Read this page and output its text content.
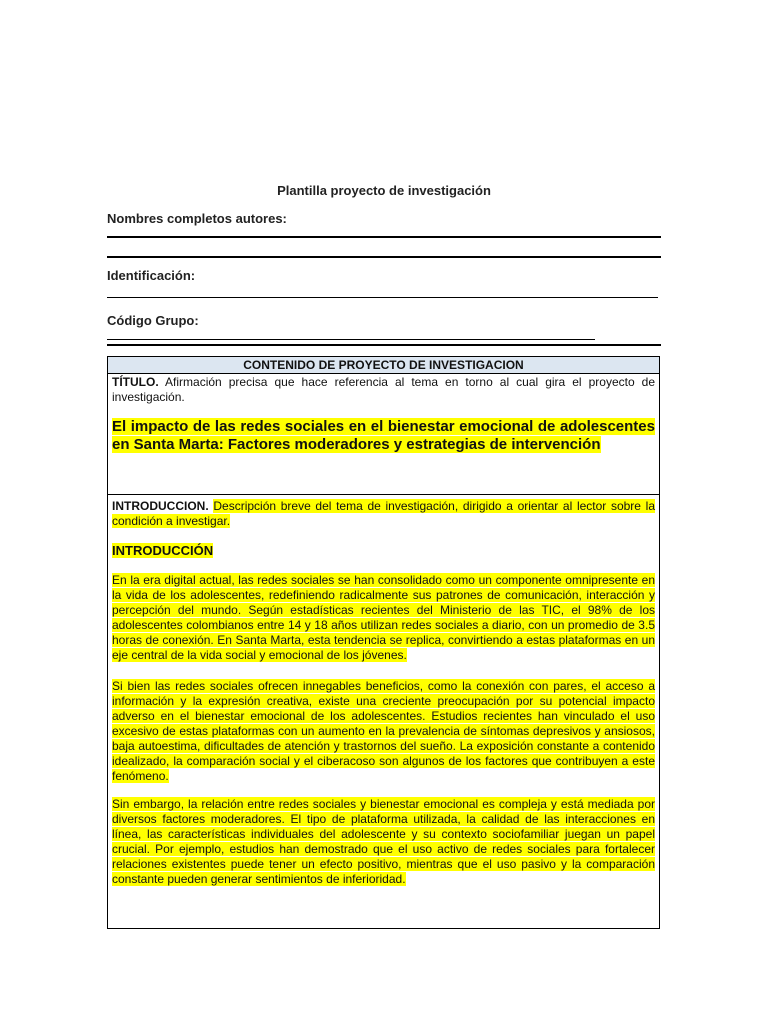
Plantilla proyecto de investigación
Nombres completos autores:
Identificación:
Código Grupo:
CONTENIDO DE PROYECTO DE INVESTIGACION
TÍTULO. Afirmación precisa que hace referencia al tema en torno al cual gira el proyecto de investigación.
El impacto de las redes sociales en el bienestar emocional de adolescentes en Santa Marta: Factores moderadores y estrategias de intervención
INTRODUCCION. Descripción breve del tema de investigación, dirigido a orientar al lector sobre la condición a investigar.
INTRODUCCIÓN
En la era digital actual, las redes sociales se han consolidado como un componente omnipresente en la vida de los adolescentes, redefiniendo radicalmente sus patrones de comunicación, interacción y percepción del mundo. Según estadísticas recientes del Ministerio de las TIC, el 98% de los adolescentes colombianos entre 14 y 18 años utilizan redes sociales a diario, con un promedio de 3.5 horas de conexión. En Santa Marta, esta tendencia se replica, convirtiendo a estas plataformas en un eje central de la vida social y emocional de los jóvenes.
Si bien las redes sociales ofrecen innegables beneficios, como la conexión con pares, el acceso a información y la expresión creativa, existe una creciente preocupación por su potencial impacto adverso en el bienestar emocional de los adolescentes. Estudios recientes han vinculado el uso excesivo de estas plataformas con un aumento en la prevalencia de síntomas depresivos y ansiosos, baja autoestima, dificultades de atención y trastornos del sueño. La exposición constante a contenido idealizado, la comparación social y el ciberacoso son algunos de los factores que contribuyen a este fenómeno.
Sin embargo, la relación entre redes sociales y bienestar emocional es compleja y está mediada por diversos factores moderadores. El tipo de plataforma utilizada, la calidad de las interacciones en línea, las características individuales del adolescente y su contexto sociofamiliar juegan un papel crucial. Por ejemplo, estudios han demostrado que el uso activo de redes sociales para fortalecer relaciones existentes puede tener un efecto positivo, mientras que el uso pasivo y la comparación constante pueden generar sentimientos de inferioridad.
